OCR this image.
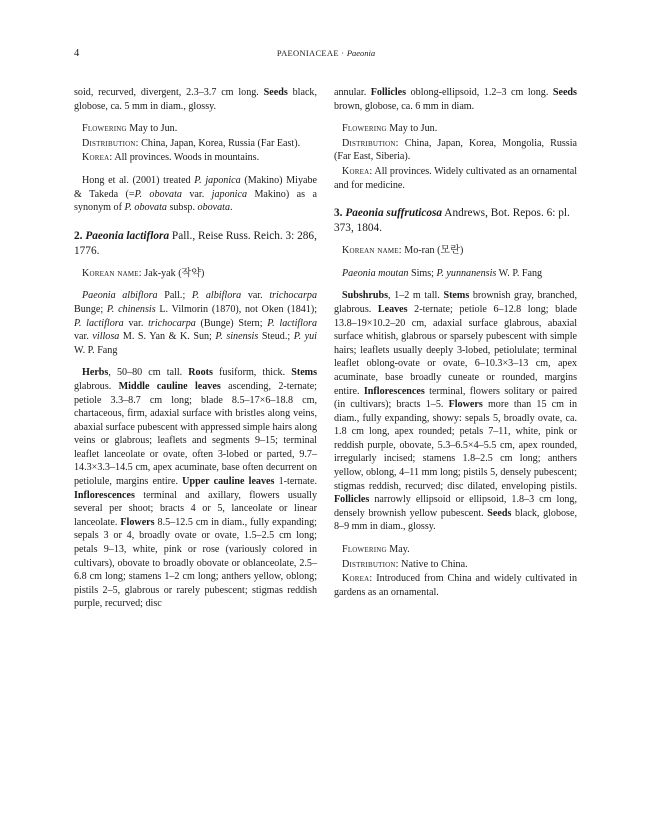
4	PAEONIACEAE · Paeonia

soid, recurved, divergent, 2.3–3.7 cm long. Seeds black, globose, ca. 5 mm in diam., glossy.

Flowering May to Jun.

Distribution: China, Japan, Korea, Russia (Far East).

Korea: All provinces. Woods in mountains.

Hong et al. (2001) treated P. japonica (Makino) Miyabe & Takeda (=P. obovata var. japonica Makino) as a synonym of P. obovata subsp. obovata.

2. Paeonia lactiflora Pall., Reise Russ. Reich. 3: 286, 1776.

Korean name: Jak-yak (작약)

Paeonia albiflora Pall.; P. albiflora var. trichocarpa Bunge; P. chinensis L. Vilmorin (1870), not Oken (1841); P. lactiflora var. trichocarpa (Bunge) Stern; P. lactiflora var. villosa M. S. Yan & K. Sun; P. sinensis Steud.; P. yui W. P. Fang

Herbs, 50–80 cm tall. Roots fusiform, thick. Stems glabrous. Middle cauline leaves ascending, 2-ternate; petiole 3.3–8.7 cm long; blade 8.5–17×6–18.8 cm, chartaceous, firm, adaxial surface with bristles along veins, abaxial surface pubescent with appressed simple hairs along veins or glabrous; leaflets and segments 9–15; terminal leaflet lanceolate or ovate, often 3-lobed or parted, 9.7–14.3×3.3–14.5 cm, apex acuminate, base often decurrent on petiolule, margins entire. Upper cauline leaves 1-ternate. Inflorescences terminal and axillary, flowers usually several per shoot; bracts 4 or 5, lanceolate or linear lanceolate. Flowers 8.5–12.5 cm in diam., fully expanding; sepals 3 or 4, broadly ovate or ovate, 1.5–2.5 cm long; petals 9–13, white, pink or rose (variously colored in cultivars), obovate to broadly obovate or oblanceolate, 2.5–6.8 cm long; stamens 1–2 cm long; anthers yellow, oblong; pistils 2–5, glabrous or rarely pubescent; stigmas reddish purple, recurved; disc

annular. Follicles oblong-ellipsoid, 1.2–3 cm long. Seeds brown, globose, ca. 6 mm in diam.

Flowering May to Jun.

Distribution: China, Japan, Korea, Mongolia, Russia (Far East, Siberia).

Korea: All provinces. Widely cultivated as an ornamental and for medicine.

3. Paeonia suffruticosa Andrews, Bot. Repos. 6: pl. 373, 1804.

Korean name: Mo-ran (모란)

Paeonia moutan Sims; P. yunnanensis W. P. Fang

Subshrubs, 1–2 m tall. Stems brownish gray, branched, glabrous. Leaves 2-ternate; petiole 6–12.8 long; blade 13.8–19×10.2–20 cm, adaxial surface glabrous, abaxial surface whitish, glabrous or sparsely pubescent with simple hairs; leaflets usually deeply 3-lobed, petiolulate; terminal leaflet oblong-ovate or ovate, 6–10.3×3–13 cm, apex acuminate, base broadly cuneate or rounded, margins entire. Inflorescences terminal, flowers solitary or paired (in cultivars); bracts 1–5. Flowers more than 15 cm in diam., fully expanding, showy: sepals 5, broadly ovate, ca. 1.8 cm long, apex rounded; petals 7–11, white, pink or reddish purple, obovate, 5.3–6.5×4–5.5 cm, apex rounded, irregularly incised; stamens 1.8–2.5 cm long; anthers yellow, oblong, 4–11 mm long; pistils 5, densely pubescent; stigmas reddish, recurved; disc dilated, enveloping pistils. Follicles narrowly ellipsoid or ellipsoid, 1.8–3 cm long, densely brownish yellow pubescent. Seeds black, globose, 8–9 mm in diam., glossy.

Flowering May.

Distribution: Native to China.

Korea: Introduced from China and widely cultivated in gardens as an ornamental.
